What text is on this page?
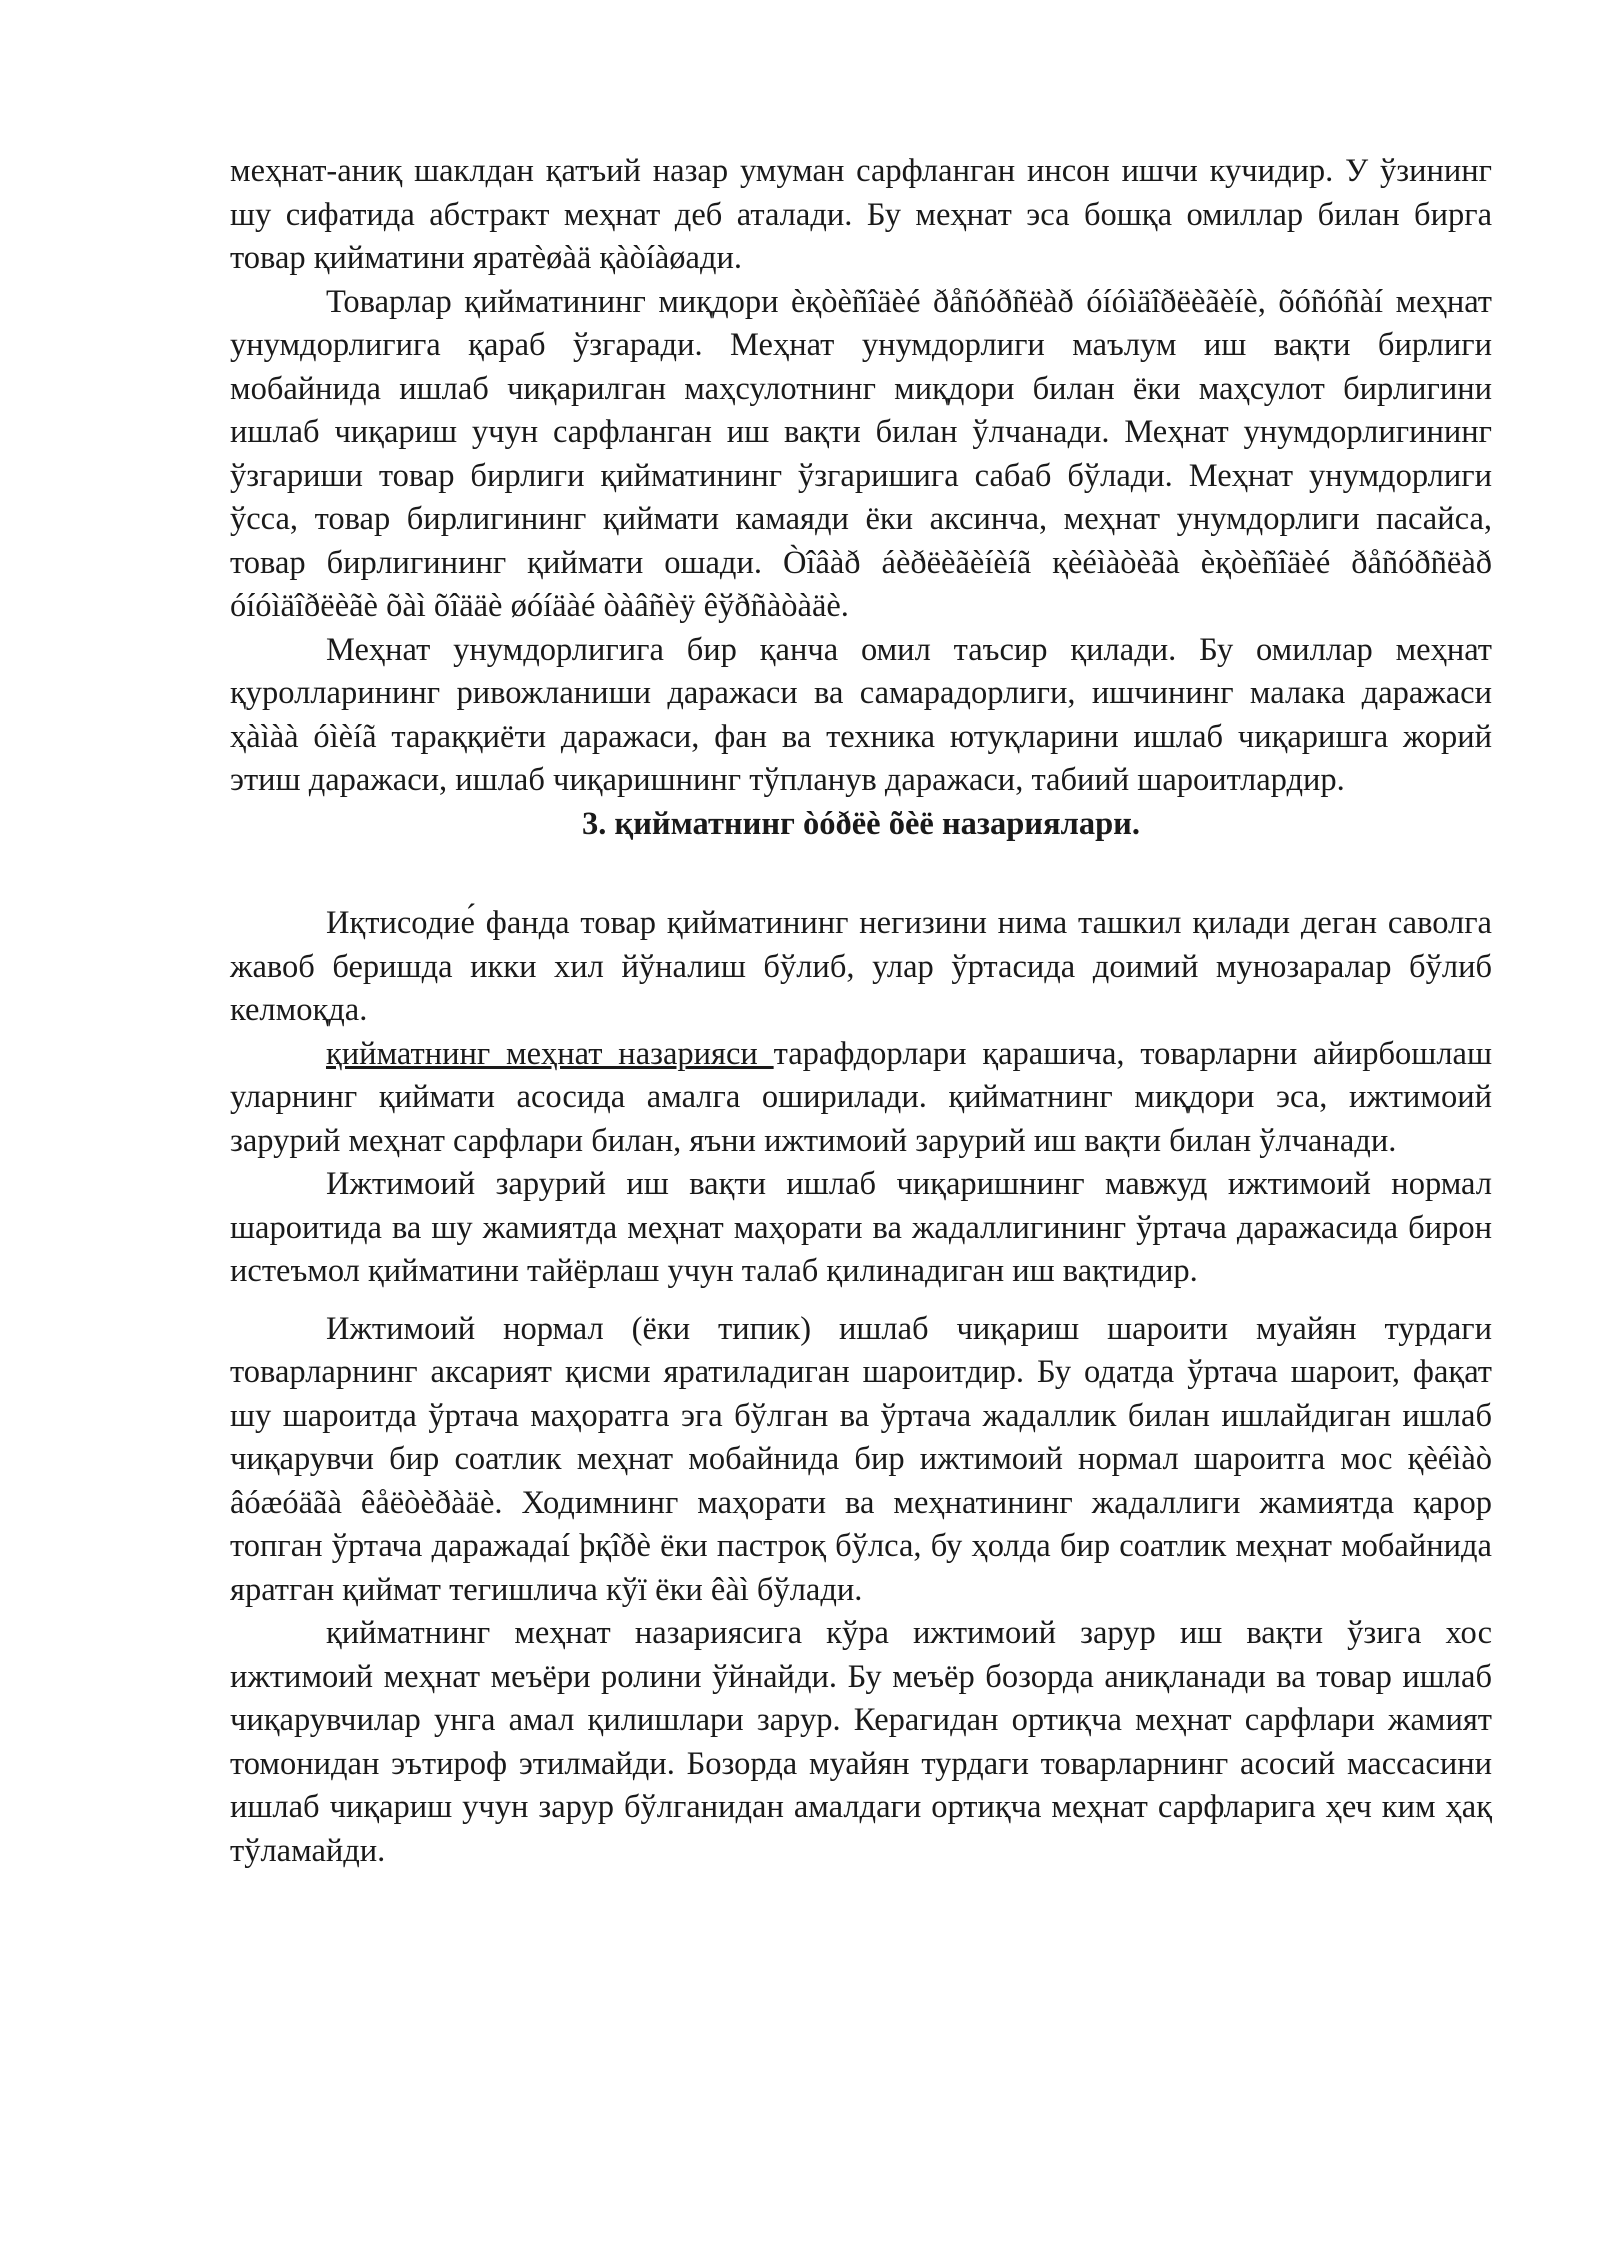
меҳнат-аниқ шаклдан қатъий назар умуман сарфланган инсон ишчи кучидир. У ўзининг шу сифатида абстракт меҳнат деб аталади. Бу меҳнат эса бошқа омиллар билан бирга товар қийматини яратèøàä қàòíàøади.

Товарлар қийматининг миқдори èқòèñîäèé ðåñóðñëàð óíóìäîðëèãèíè, õóñóñàí меҳнат унумдорлигига қараб ўзгаради. Меҳнат унумдорлиги маълум иш вақти бирлиги мобайнида ишлаб чиқарилган маҳсулотнинг миқдори билан ёки маҳсулот бирлигини ишлаб чиқариш учун сарфланган иш вақти билан ўлчанади. Меҳнат унумдорлигининг ўзгариши товар бирлиги қийматининг ўзгаришига сабаб бўлади. Меҳнат унумдорлиги ўсса, товар бирлигининг қиймати камаяди ёки аксинча, меҳнат унумдорлиги пасайса, товар бирлигининг қиймати ошади. Òîâàð áèðëèãèíèíã қèéìàòèãà èқòèñîäèé ðåñóðñëàð óíóìäîðëèãè õàì õîääè øóíäàé òàâñèÿ êўðñàòàäè.

Меҳнат унумдорлигига бир қанча омил таъсир қилади. Бу омиллар меҳнат қуролларининг ривожланиши даражаси ва самарадорлиги, ишчининг малака даражаси ҳàìàà óìèíã тараққиёти даражаси, фан ва техника ютуқларини ишлаб чиқаришга жорий этиш даражаси, ишлаб чиқаришнинг тўпланув даражаси, табиий шароитлардир.

3. қийматнинг òóðëè õèë назариялари.

Иқтисодие́ фанда товар қийматининг негизини нима ташкил қилади деган саволга жавоб беришда икки хил йўналиш бўлиб, улар ўртасида доимий мунозаралар бўлиб келмоқда.

қийматнинг меҳнат назарияси тарафдорлари қарашича, товарларни айирбошлаш уларнинг қиймати асосида амалга оширилади. қийматнинг миқдори эса, ижтимоий зарурий меҳнат сарфлари билан, яъни ижтимоий зарурий иш вақти билан ўлчанади.

Ижтимоий зарурий иш вақти ишлаб чиқаришнинг мавжуд ижтимоий нормал шароитида ва шу жамиятда меҳнат маҳорати ва жадаллигининг ўртача даражасида бирон истеъмол қийматини тайёрлаш учун талаб қилинадиган иш вақтидир.

Ижтимоий нормал (ёки типик) ишлаб чиқариш шароити муайян турдаги товарларнинг аксарият қисми яратиладиган шароитдир. Бу одатда ўртача шароит, фақат шу шароитда ўртача маҳоратга эга бўлган ва ўртача жадаллик билан ишлайдиган ишлаб чиқарувчи бир соатлик меҳнат мобайнида бир ижтимоий нормал шароитга мос қèéìàò âóæóäãà êåëòèðàäè. Ходимнинг маҳорати ва меҳнатининг жадаллиги жамиятда қарор топган ўртача даражадаí þқîðè ёки пастроқ бўлса, бу ҳолда бир соатлик меҳнат мобайнида яратган қиймат тегишлича кўï ёки êàì бўлади.

қийматнинг меҳнат назариясига кўра ижтимоий зарур иш вақти ўзига хос ижтимоий меҳнат меъёри ролини ўйнайди. Бу меъёр бозорда аниқланади ва товар ишлаб чиқарувчилар унга амал қилишлари зарур. Керагидан ортиқча меҳнат сарфлари жамият томонидан эътироф этилмайди. Бозорда муайян турдаги товарларнинг асосий массасини ишлаб чиқариш учун зарур бўлганидан амалдаги ортиқча меҳнат сарфларига ҳеч ким ҳақ тўламайди.
